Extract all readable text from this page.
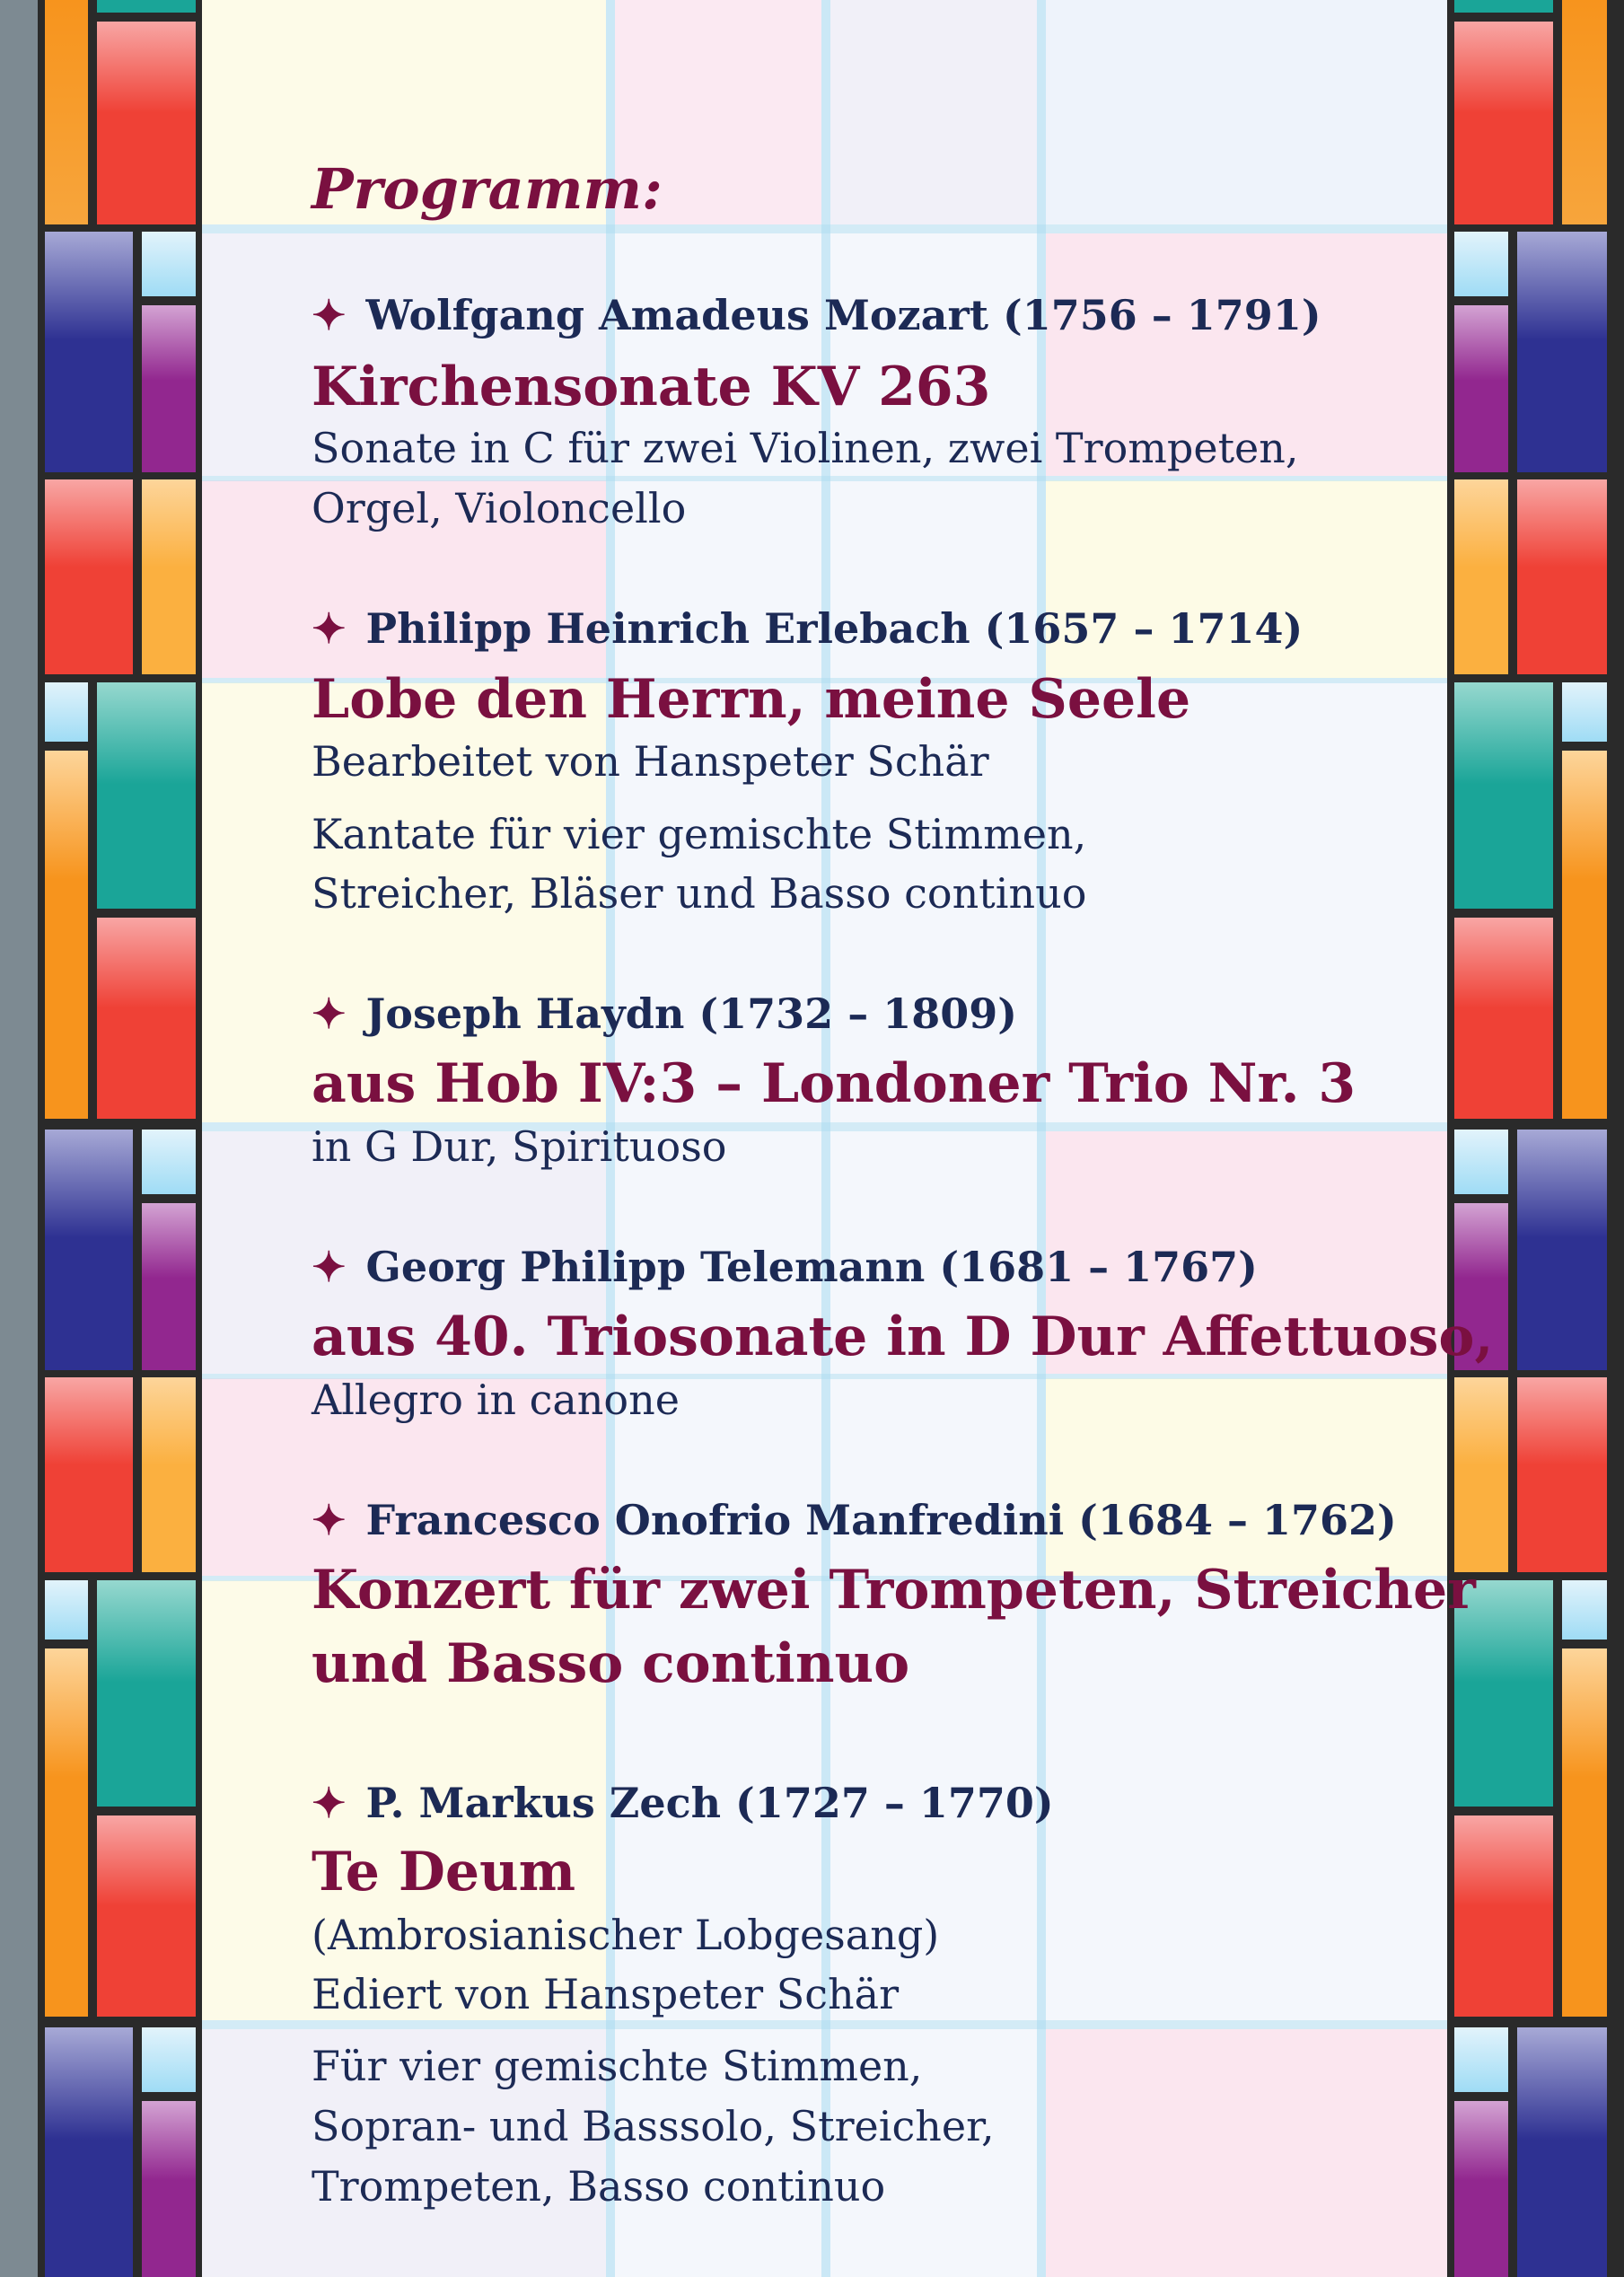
Programm:
✦ Wolfgang Amadeus Mozart (1756 – 1791)
Kirchensonate KV 263
Sonate in C für zwei Violinen, zwei Trompeten,
Orgel, Violoncello
✦ Philipp Heinrich Erlebach (1657 – 1714)
Lobe den Herrn, meine Seele
Bearbeitet von Hanspeter Schär
Kantate für vier gemischte Stimmen,
Streicher, Bläser und Basso continuo
✦ Joseph Haydn (1732 – 1809)
aus Hob IV:3 – Londoner Trio Nr. 3
in G Dur, Spirituoso
✦ Georg Philipp Telemann (1681 – 1767)
aus 40. Triosonate in D Dur Affettuoso,
Allegro in canone
✦ Francesco Onofrio Manfredini (1684 – 1762)
Konzert für zwei Trompeten, Streicher
und Basso continuo
✦ P. Markus Zech (1727 – 1770)
Te Deum
(Ambrosianischer Lobgesang)
Ediert von Hanspeter Schär
Für vier gemischte Stimmen,
Sopran- und Basssolo, Streicher,
Trompeten, Basso continuo
